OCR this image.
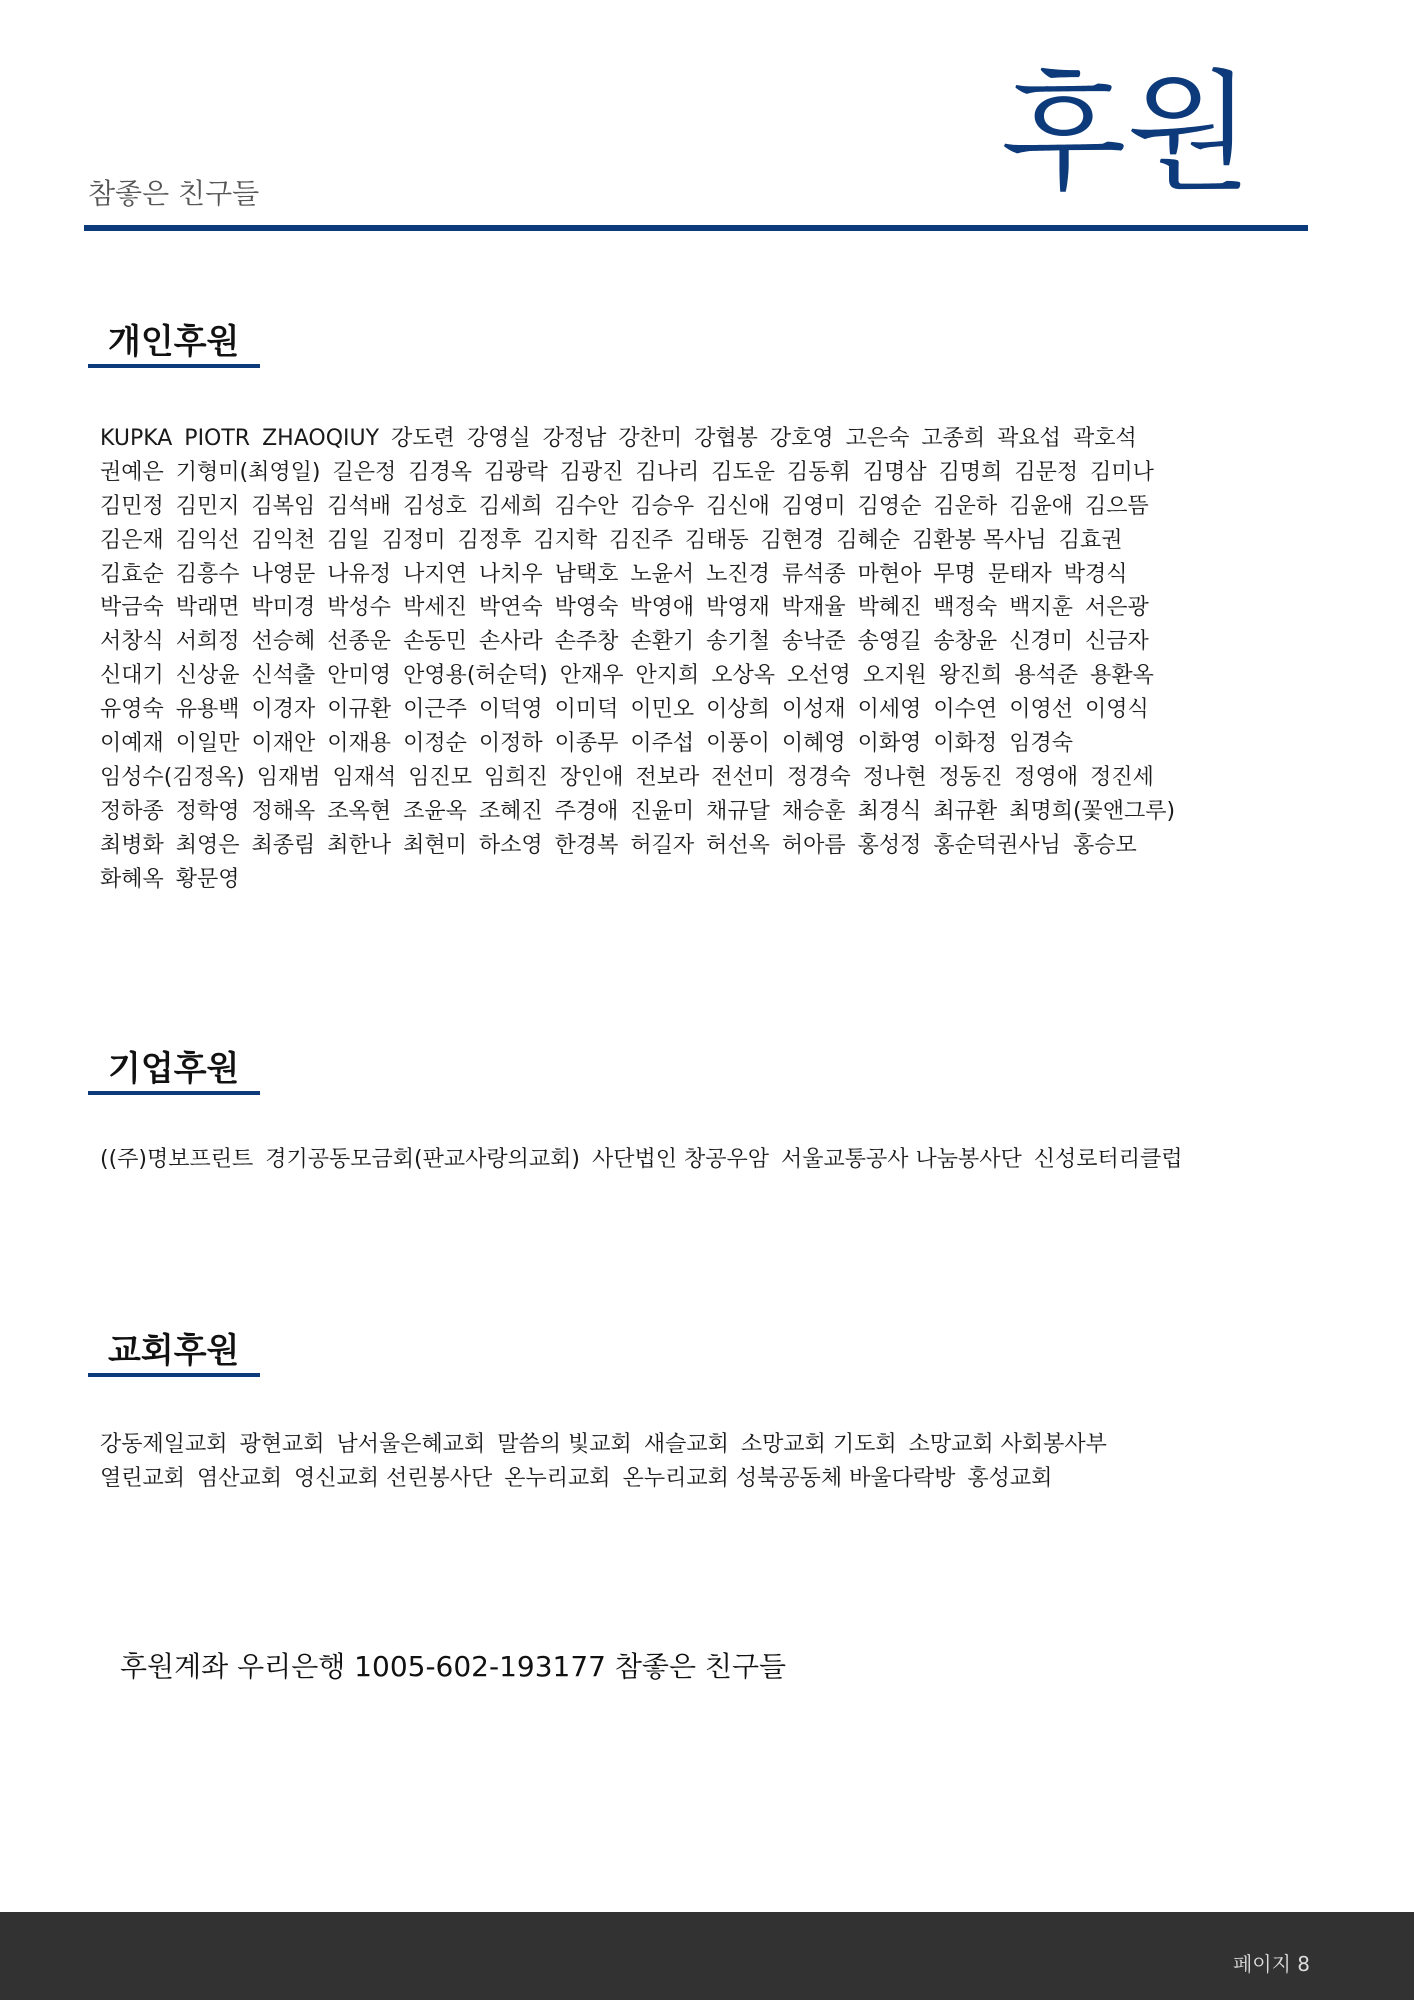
참좋은 친구들	후원
개인후원
KUPKA PIOTR ZHAOQIUY 강도련 강영실 강정남 강찬미 강협봉 강호영 고은숙 고종희 곽요섭 곽호석
권예은 기형미(최영일) 길은정 김경옥 김광락 김광진 김나리 김도운 김동휘 김명삼 김명희 김문정 김미나
김민정 김민지 김복임 김석배 김성호 김세희 김수안 김승우 김신애 김영미 김영순 김운하 김윤애 김으뜸
김은재 김익선 김익천 김일 김정미 김정후 김지학 김진주 김태동 김현경 김혜순 김환봉 목사님 김효권
김효순 김흥수 나영문 나유정 나지연 나치우 남택호 노윤서 노진경 류석종 마현아 무명 문태자 박경식
박금숙 박래면 박미경 박성수 박세진 박연숙 박영숙 박영애 박영재 박재율 박혜진 백정숙 백지훈 서은광
서창식 서희정 선승혜 선종운 손동민 손사라 손주창 손환기 송기철 송낙준 송영길 송창윤 신경미 신금자
신대기 신상윤 신석출 안미영 안영용(허순덕) 안재우 안지희 오상옥 오선영 오지원 왕진희 용석준 용환옥
유영숙 유용백 이경자 이규환 이근주 이덕영 이미덕 이민오 이상희 이성재 이세영 이수연 이영선 이영식
이예재 이일만 이재안 이재용 이정순 이정하 이종무 이주섭 이풍이 이혜영 이화영 이화정 임경숙
임성수(김정옥) 임재범 임재석 임진모 임희진 장인애 전보라 전선미 정경숙 정나현 정동진 정영애 정진세
정하종 정학영 정해옥 조옥현 조윤옥 조혜진 주경애 진윤미 채규달 채승훈 최경식 최규환 최명희(꽃앤그루)
최병화 최영은 최종림 최한나 최현미 하소영 한경복 허길자 허선옥 허아름 홍성정 홍순덕권사님 홍승모
화혜옥 황문영
기업후원
((주)명보프린트 경기공동모금회(판교사랑의교회) 사단법인 창공우암 서울교통공사 나눔봉사단 신성로터리클럽
교회후원
강동제일교회 광현교회 남서울은혜교회 말씀의 빛교회 새슬교회 소망교회 기도회 소망교회 사회봉사부
열린교회 염산교회 영신교회 선린봉사단 온누리교회 온누리교회 성북공동체 바울다락방 홍성교회
후원계좌 우리은행 1005-602-193177 참좋은 친구들
페이지 8
